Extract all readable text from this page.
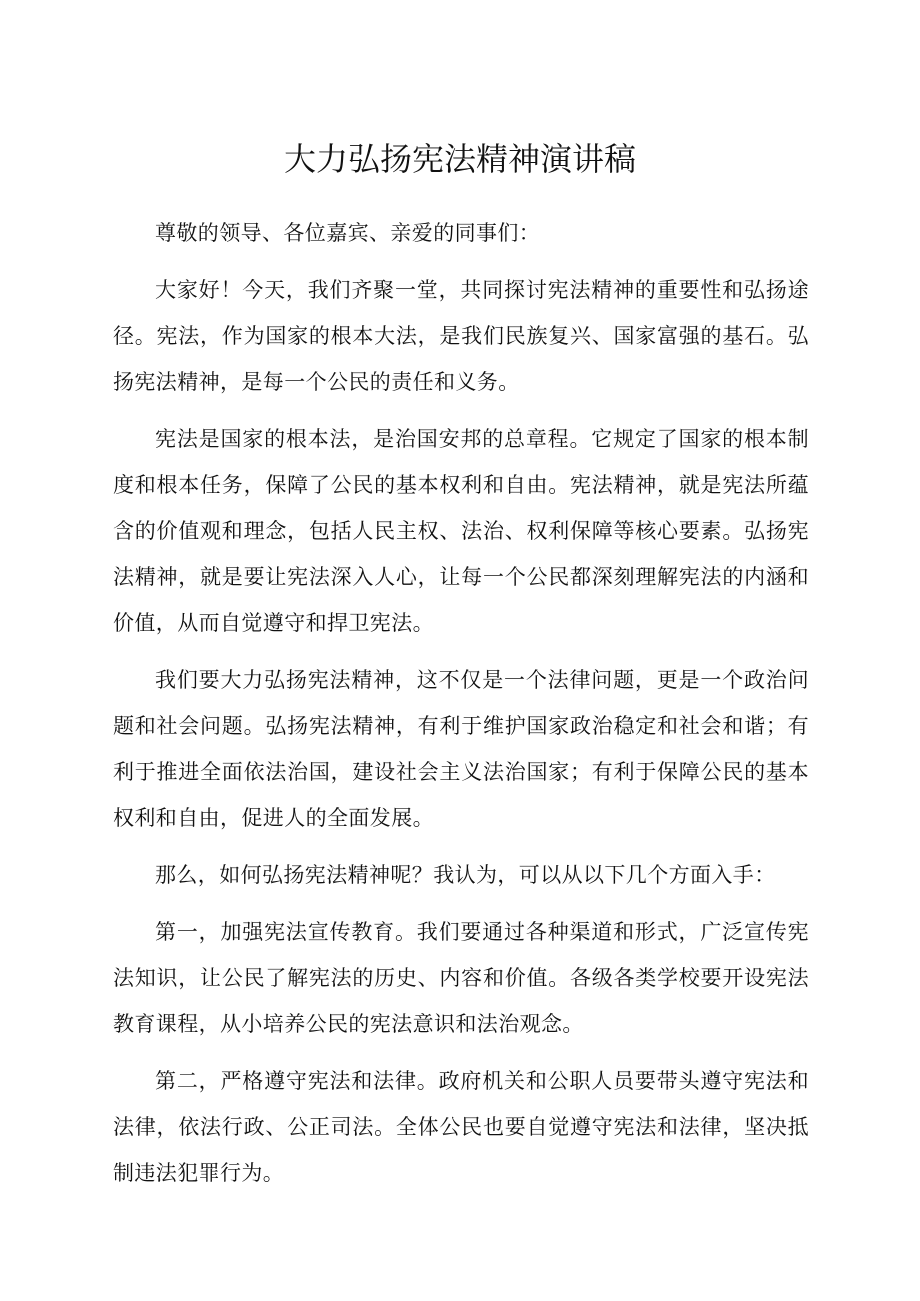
大力弘扬宪法精神演讲稿

尊敬的领导、各位嘉宾、亲爱的同事们：

大家好！今天，我们齐聚一堂，共同探讨宪法精神的重要性和弘扬途径。宪法，作为国家的根本大法，是我们民族复兴、国家富强的基石。弘扬宪法精神，是每一个公民的责任和义务。

宪法是国家的根本法，是治国安邦的总章程。它规定了国家的根本制度和根本任务，保障了公民的基本权利和自由。宪法精神，就是宪法所蕴含的价值观和理念，包括人民主权、法治、权利保障等核心要素。弘扬宪法精神，就是要让宪法深入人心，让每一个公民都深刻理解宪法的内涵和价值，从而自觉遵守和捍卫宪法。

我们要大力弘扬宪法精神，这不仅是一个法律问题，更是一个政治问题和社会问题。弘扬宪法精神，有利于维护国家政治稳定和社会和谐；有利于推进全面依法治国，建设社会主义法治国家；有利于保障公民的基本权利和自由，促进人的全面发展。

那么，如何弘扬宪法精神呢？我认为，可以从以下几个方面入手：

第一，加强宪法宣传教育。我们要通过各种渠道和形式，广泛宣传宪法知识，让公民了解宪法的历史、内容和价值。各级各类学校要开设宪法教育课程，从小培养公民的宪法意识和法治观念。

第二，严格遵守宪法和法律。政府机关和公职人员要带头遵守宪法和法律，依法行政、公正司法。全体公民也要自觉遵守宪法和法律，坚决抵制违法犯罪行为。
